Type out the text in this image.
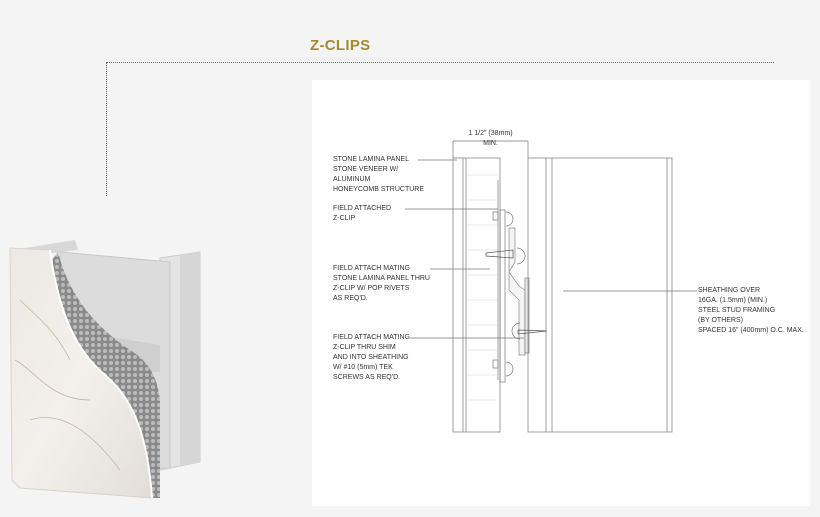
Z-CLIPS
1 1/2" (38mm)
MIN.
STONE LAMINA PANEL
STONE VENEER W/
ALUMINUM
HONEYCOMB STRUCTURE
FIELD ATTACHED
Z-CLIP
FIELD ATTACH MATING
STONE LAMINA PANEL THRU
Z-CLIP W/ POP RIVETS
AS REQ'D.
FIELD ATTACH MATING
Z-CLIP THRU SHIM
AND INTO SHEATHING
W/ #10 (5mm) TEK
SCREWS AS REQ'D.
SHEATHING OVER
16GA. (1.5mm) (MIN.)
STEEL STUD FRAMING
(BY OTHERS)
SPACED 16" (400mm) O.C. MAX.
